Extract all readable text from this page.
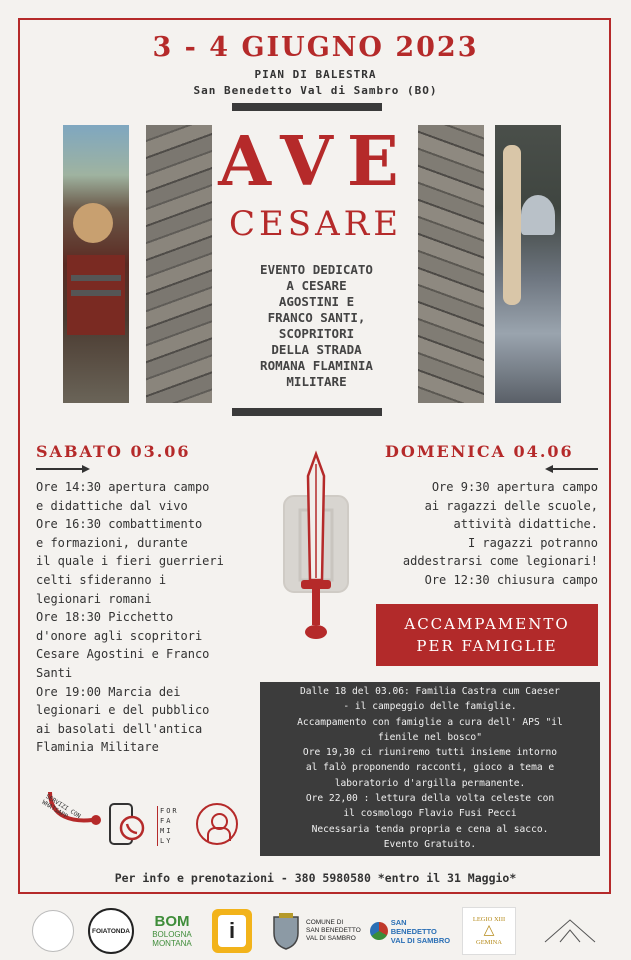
3 - 4 GIUGNO 2023
PIAN DI BALESTRA
San Benedetto Val di Sambro (BO)
AVE
CESARE
EVENTO DEDICATO
A CESARE
AGOSTINI E
FRANCO SANTI,
SCOPRITORI
DELLA STRADA
ROMANA FLAMINIA
MILITARE
SABATO 03.06
Ore 14:30 apertura campo
e didattiche dal vivo
Ore 16:30 combattimento
e formazioni, durante
il quale i fieri guerrieri
celtі sfideranno i
legionari romani
Ore 18:30 Picchetto
d'onore agli scopritori
Cesare Agostini e Franco
Santi
Ore 19:00 Marcia dei
legionari e del pubblico
ai basolati dell'antica
Flaminia Militare
DOMENICA 04.06
Ore 9:30 apertura campo
ai ragazzi delle scuole,
attività didattiche.
I ragazzi potranno
addestrarsi come legionari!
Ore 12:30 chiusura campo
ACCAMPAMENTO
PER FAMIGLIE
Dalle 18 del 03.06: Familia Castra cum Caeser
- il campeggio delle famiglie.
Accampamento con famiglie a cura dell' APS "il
fienile nel bosco"
Ore 19,30 ci riuniremo tutti insieme intorno
al falò proponendo racconti, gioco a tema e
laboratorio d'argilla permanente.
Ore 22,00 : lettura della volta celeste con
il cosmologo Flavio Fusi Pecci
Necessaria tenda propria e cena al sacco.
Evento Gratuito.
SERVIZI CON WHATSAPP	FOR
FA
MI
LY
Per info e prenotazioni - 380 5980580 *entro il 31 Maggio*
FOIATONDA
BOM
BOLOGNA
MONTANA
i	COMUNE DI
SAN BENEDETTO
VAL DI SAMBRO
SAN BENEDETTO
VAL DI SAMBRO
LEGIO XIII
△
GEMINA
